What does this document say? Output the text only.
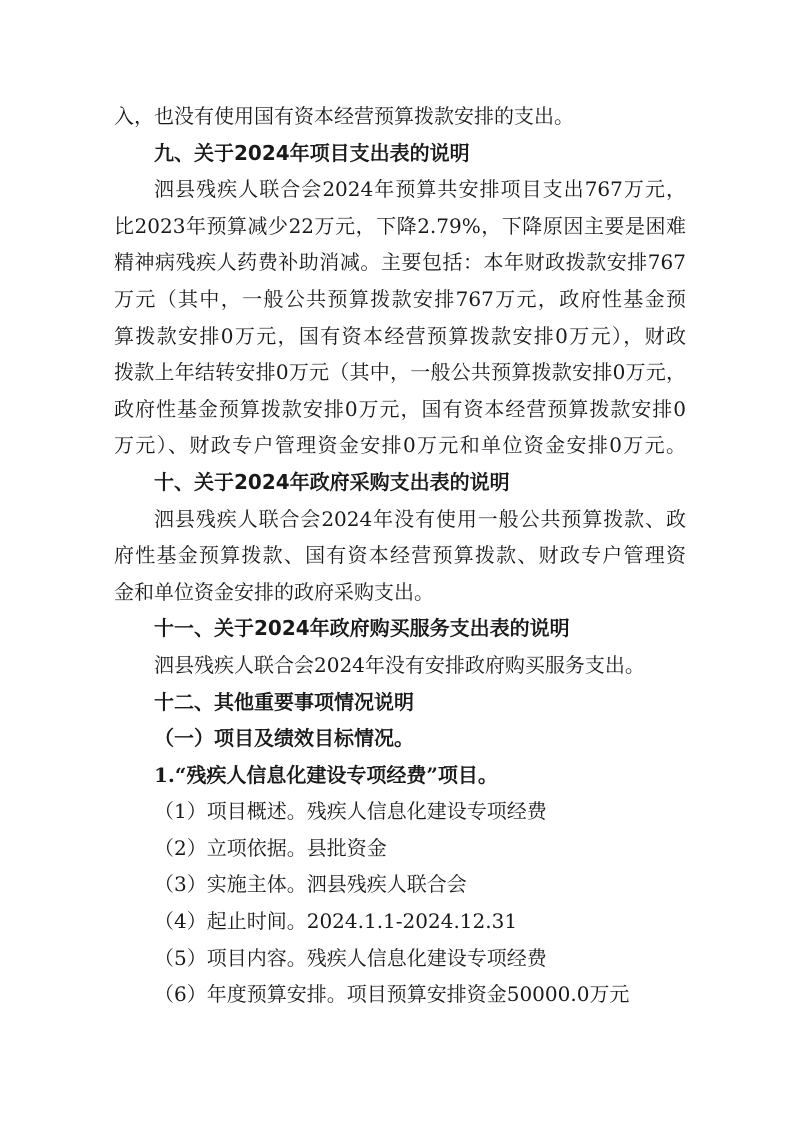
入，也没有使用国有资本经营预算拨款安排的支出。
九、关于2024年项目支出表的说明
泗县残疾人联合会2024年预算共安排项目支出767万元，
比2023年预算减少22万元，下降2.79%，下降原因主要是困难
精神病残疾人药费补助消减。主要包括：本年财政拨款安排767
万元（其中，一般公共预算拨款安排767万元，政府性基金预
算拨款安排0万元，国有资本经营预算拨款安排0万元），财政
拨款上年结转安排0万元（其中，一般公共预算拨款安排0万元，
政府性基金预算拨款安排0万元，国有资本经营预算拨款安排0
万元）、财政专户管理资金安排0万元和单位资金安排0万元。
十、关于2024年政府采购支出表的说明
泗县残疾人联合会2024年没有使用一般公共预算拨款、政
府性基金预算拨款、国有资本经营预算拨款、财政专户管理资
金和单位资金安排的政府采购支出。
十一、关于2024年政府购买服务支出表的说明
泗县残疾人联合会2024年没有安排政府购买服务支出。
十二、其他重要事项情况说明
（一）项目及绩效目标情况。
1.“残疾人信息化建设专项经费”项目。
（1）项目概述。残疾人信息化建设专项经费
（2）立项依据。县批资金
（3）实施主体。泗县残疾人联合会
（4）起止时间。2024.1.1-2024.12.31
（5）项目内容。残疾人信息化建设专项经费
（6）年度预算安排。项目预算安排资金50000.0万元
